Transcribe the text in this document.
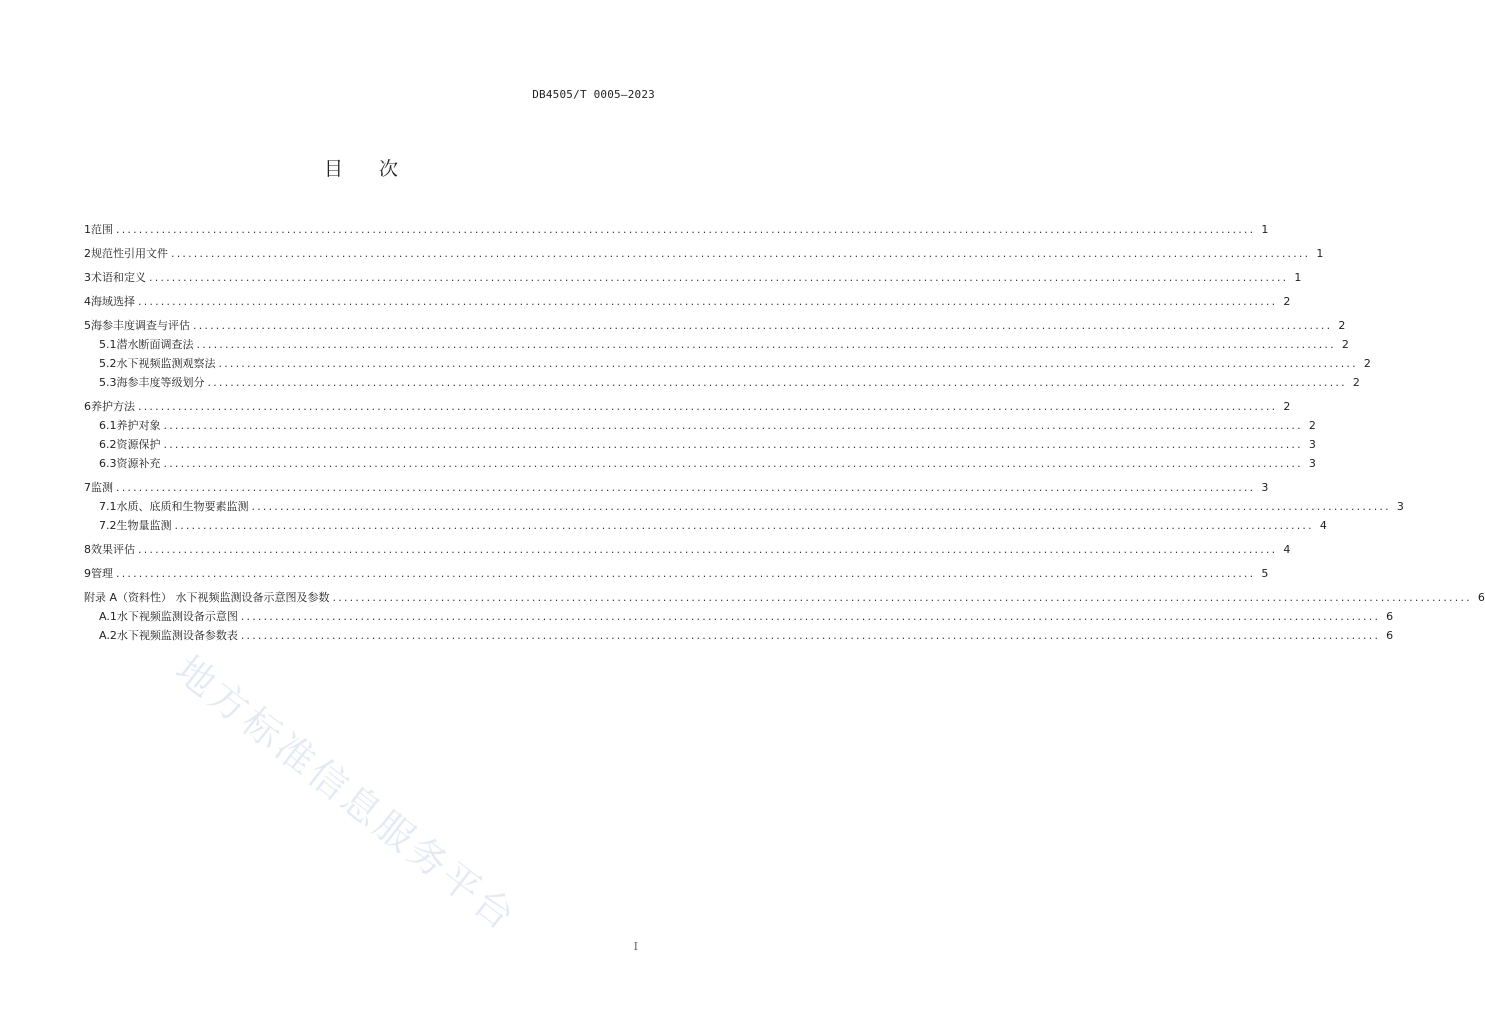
DB4505/T 0005—2023
目 次
1 范围 ........................................................................................................................................................................................................ 1
2 规范性引用文件 ........................................................................................................................................................................................................ 1
3 术语和定义 ........................................................................................................................................................................................................ 1
4 海域选择 ........................................................................................................................................................................................................ 2
5 海参丰度调查与评估 ........................................................................................................................................................................................................ 2
5.1 潜水断面调查法 ........................................................................................................................................................................................................ 2
5.2 水下视频监测观察法 ........................................................................................................................................................................................................ 2
5.3 海参丰度等级划分 ........................................................................................................................................................................................................ 2
6 养护方法 ........................................................................................................................................................................................................ 2
6.1 养护对象 ........................................................................................................................................................................................................ 2
6.2 资源保护 ........................................................................................................................................................................................................ 3
6.3 资源补充 ........................................................................................................................................................................................................ 3
7 监测 ........................................................................................................................................................................................................ 3
7.1 水质、底质和生物要素监测 ........................................................................................................................................................................................................ 3
7.2 生物量监测 ........................................................................................................................................................................................................ 4
8 效果评估 ........................................................................................................................................................................................................ 4
9 管理 ........................................................................................................................................................................................................ 5
附录 A（资料性） 水下视频监测设备示意图及参数 ........................................................................................................................................................................................................ 6
A.1 水下视频监测设备示意图 ........................................................................................................................................................................................................ 6
A.2 水下视频监测设备参数表 ........................................................................................................................................................................................................ 6
地方标准信息服务平台
I
